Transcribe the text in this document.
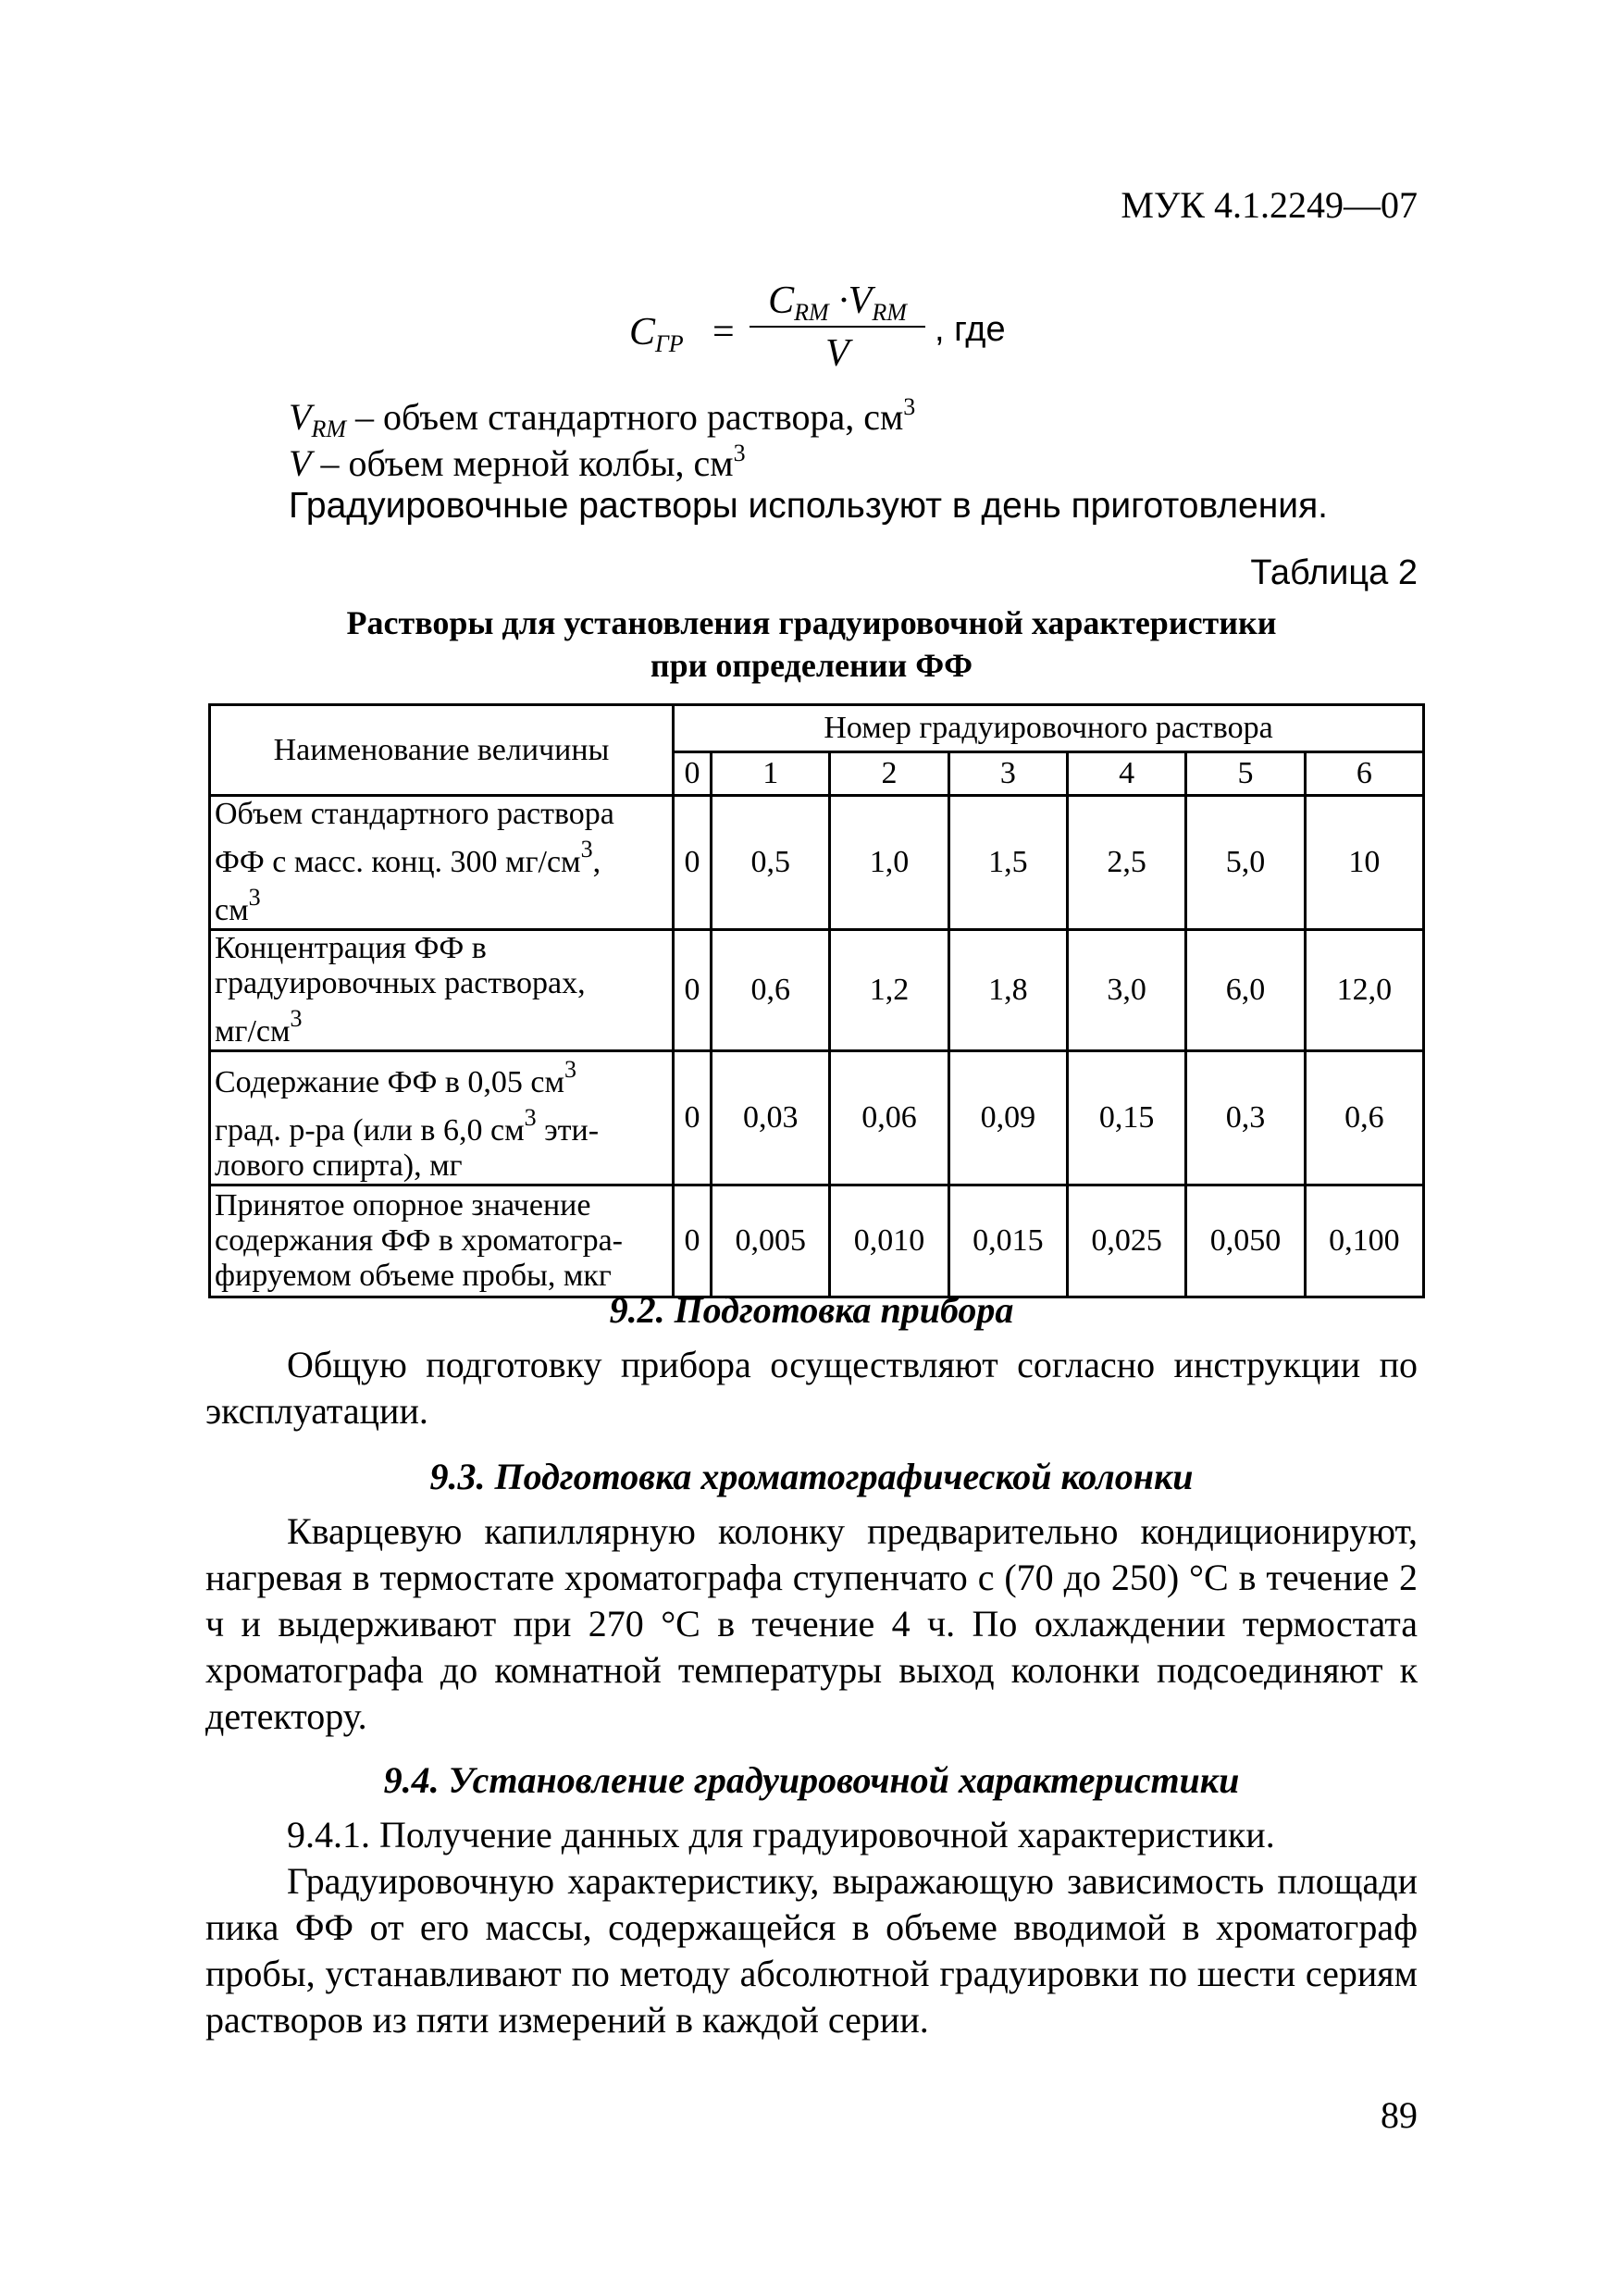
МУК 4.1.2249—07
$C_{ГР}$ =
$C_{RM} \cdot V_{RM}$
V
, где
$V_{RM}$ – объем стандартного раствора, $см^3$
V – объем мерной колбы, $см^3$
Градуировочные растворы используют в день приготовления.
Таблица 2
Растворы для установления градуировочной характеристики
при определении ФФ
Наименование величины	Номер градуировочного раствора						
	0	1	2	3	4	5	6

Объем стандартного раствора
ФФ с масс. конц. 300 $мг/см^3$,
$см^3$	0	0,5	1,0	1,5	2,5	5,0	10

Концентрация ФФ в
градуировочных растворах,
$мг/см^3$	0	0,6	1,2	1,8	3,0	6,0	12,0

Содержание ФФ в 0,05 $см^3$
град. р-ра (или в 6,0 $см^3$ эти-
лового спирта), мг	0	0,03	0,06	0,09	0,15	0,3	0,6

Принятое опорное значение
содержания ФФ в хроматогра-
фируемом объеме пробы, мкг	0	0,005	0,010	0,015	0,025	0,050	0,100
9.2. Подготовка прибора
Общую подготовку прибора осуществляют согласно инструкции по эксплуатации.
9.3. Подготовка хроматографической колонки
Кварцевую капиллярную колонку предварительно кондиционируют, нагревая в термостате хроматографа ступенчато с (70 до 250) °С в течение 2 ч и выдерживают при 270 °С в течение 4 ч. По охлаждении термостата хроматографа до комнатной температуры выход колонки подсоединяют к детектору.
9.4. Установление градуировочной характеристики
9.4.1. Получение данных для градуировочной характеристики.
Градуировочную характеристику, выражающую зависимость площади пика ФФ от его массы, содержащейся в объеме вводимой в хроматограф пробы, устанавливают по методу абсолютной градуировки по шести сериям растворов из пяти измерений в каждой серии.
89
